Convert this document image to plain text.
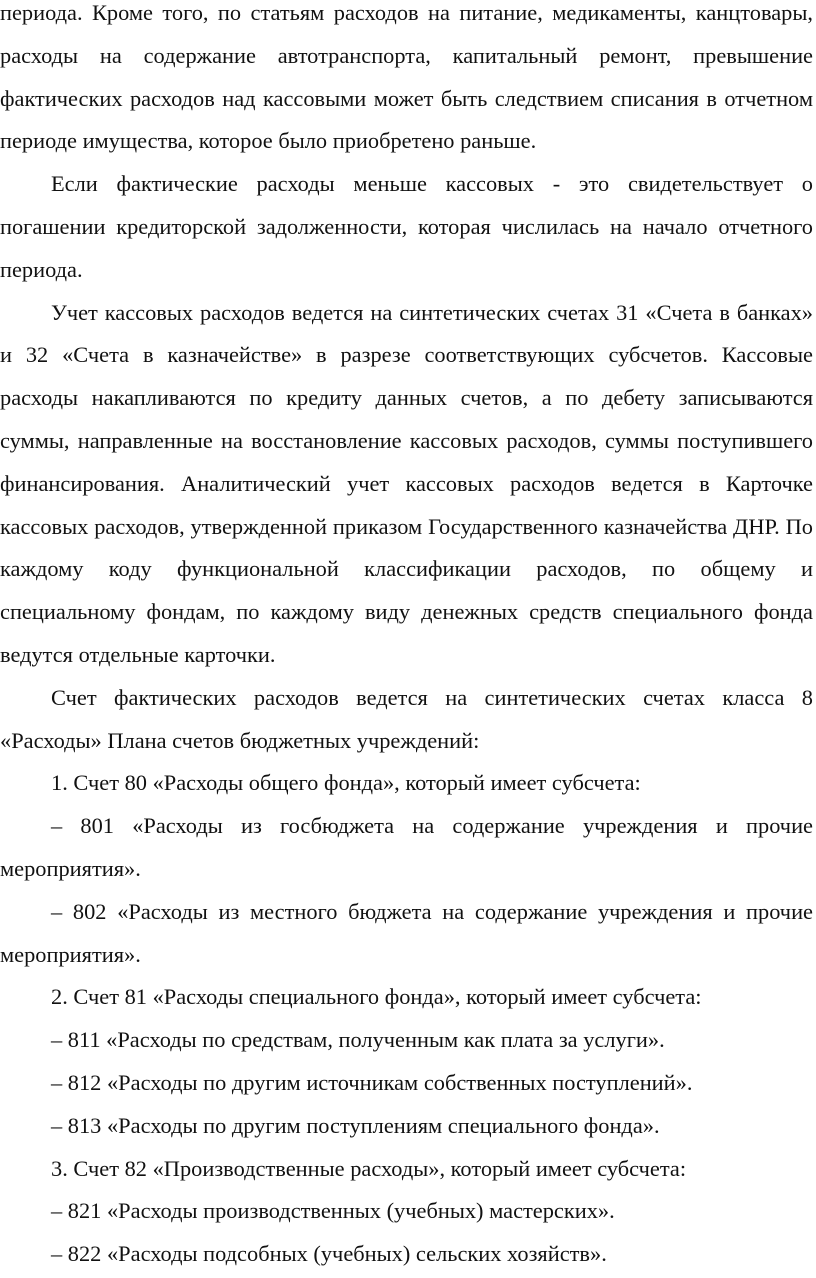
периода. Кроме того, по статьям расходов на питание, медикаменты, канцтовары, расходы на содержание автотранспорта, капитальный ремонт, превышение фактических расходов над кассовыми может быть следствием списания в отчетном периоде имущества, которое было приобретено раньше.

Если фактические расходы меньше кассовых - это свидетельствует о погашении кредиторской задолженности, которая числилась на начало отчетного периода.

Учет кассовых расходов ведется на синтетических счетах 31 «Счета в банках» и 32 «Счета в казначействе» в разрезе соответствующих субсчетов. Кассовые расходы накапливаются по кредиту данных счетов, а по дебету записываются суммы, направленные на восстановление кассовых расходов, суммы поступившего финансирования. Аналитический учет кассовых расходов ведется в Карточке кассовых расходов, утвержденной приказом Государственного казначейства ДНР. По каждому коду функциональной классификации расходов, по общему и специальному фондам, по каждому виду денежных средств специального фонда ведутся отдельные карточки.

Счет фактических расходов ведется на синтетических счетах класса 8 «Расходы» Плана счетов бюджетных учреждений:

1. Счет 80 «Расходы общего фонда», который имеет субсчета:

– 801 «Расходы из госбюджета на содержание учреждения и прочие мероприятия».

– 802 «Расходы из местного бюджета на содержание учреждения и прочие мероприятия».

2. Счет 81 «Расходы специального фонда», который имеет субсчета:

– 811 «Расходы по средствам, полученным как плата за услуги».

– 812 «Расходы по другим источникам собственных поступлений».

– 813 «Расходы по другим поступлениям специального фонда».

3. Счет 82 «Производственные расходы», который имеет субсчета:

– 821 «Расходы производственных (учебных) мастерских».

– 822 «Расходы подсобных (учебных) сельских хозяйств».
